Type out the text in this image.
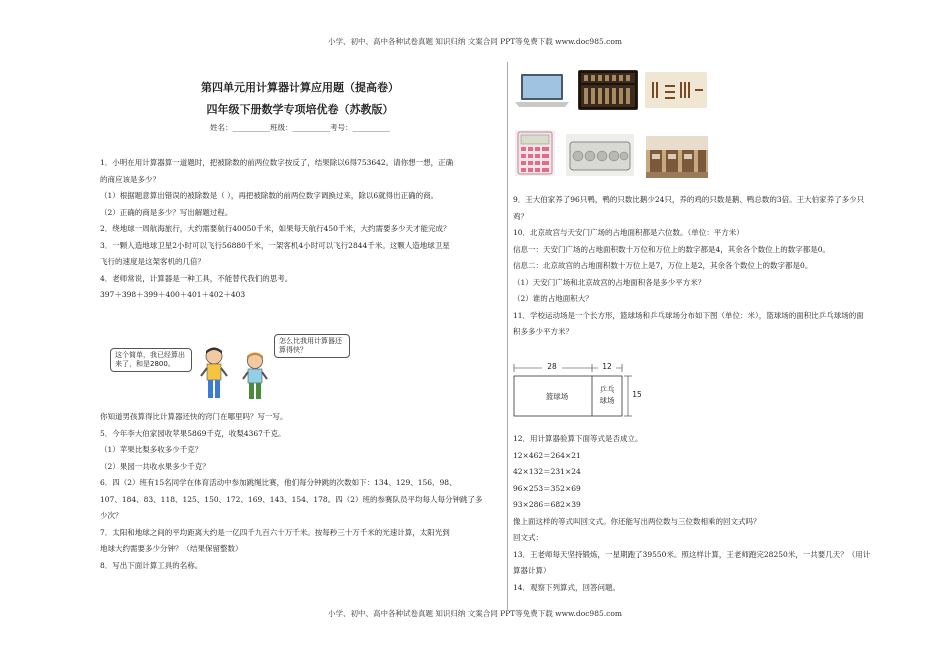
小学、初中、高中各种试卷真题 知识归纳 文案合同 PPT等免费下载 www.doc985.com
第四单元用计算器计算应用题（提高卷）
四年级下册数学专项培优卷（苏教版）
姓名：__________班级：__________考号：__________

1．小明在用计算器算一道题时，把被除数的前两位数字按反了，结果除以6得753642。请你想一想，正确

的商应该是多少？

（1）根据题意算出错误的被除数是（ ），再把被除数的前两位数字调换过来，除以6就得出正确的商。

（2）正确的商是多少？写出解题过程。

2．绕地球一周航海旅行，大约需要航行40050千米，如果每天航行450千米，大约需要多少天才能完成？

3．一颗人造地球卫星2小时可以飞行56880千米，一架客机4小时可以飞行2844千米。这颗人造地球卫星

飞行的速度是这架客机的几倍？

4．老师常说，计算器是一种工具，不能替代我们的思考。

397＋398＋399＋400＋401＋402＋403

这个简单，我已经算出来了，和是2800。
怎么比我用计算器还算得快？

你知道男孩算得比计算器还快的窍门在哪里吗？写一写。

5．今年李大伯家园收苹果5869千克，收梨4367千克。

（1）苹果比梨多收多少千克？

（2）果园一共收水果多少千克？

6．四（2）班有15名同学在体育活动中参加跳绳比赛，他们每分钟跳的次数如下：134、129、156、98、

107、184、83、118、125、150、172、169、143、154、178。四（2）班的参赛队员平均每人每分钟跳了多

少次？

7．太阳和地球之间的平均距离大约是一亿四千九百六十万千米。按每秒三十万千米的光速计算，太阳光到

地球大约需要多少分钟？（结果保留整数）

8．写出下面计算工具的名称。

9．王大伯家养了96只鸭，鸭的只数比鹅少24只，养的鸡的只数是鹅、鸭总数的3倍。王大伯家养了多少只

鸡？

10．北京故宫与天安门广场的占地面积都是六位数。（单位：平方米）

信息一：天安门广场的占地面积数十万位和万位上的数字都是4，其余各个数位上的数字都是0。

信息二：北京故宫的占地面积数十万位上是7，万位上是2，其余各个数位上的数字都是0。

（1）天安门广场和北京故宫的占地面积各是多少平方米？

（2）谁的占地面积大？

11．学校运动场是一个长方形，篮球场和乒乓球场分布如下图（单位：米），篮球场的面积比乒乓球场的面

积多多少平方米？

28	12
15
篮球场
乒乓
球场

12．用计算器验算下面等式是否成立。

12×462＝264×21

42×132＝231×24

96×253＝352×69

93×286＝682×39

像上面这样的等式叫回文式。你还能写出两位数与三位数相乘的回文式吗？

回文式：

13．王老师每天坚持锻炼，一星期跑了39550米。照这样计算，王老师跑完28250米，一共要几天？（用计

算器计算）

14．观察下列算式，回答问题。

小学、初中、高中各种试卷真题 知识归纳 文案合同 PPT等免费下载 www.doc985.com
